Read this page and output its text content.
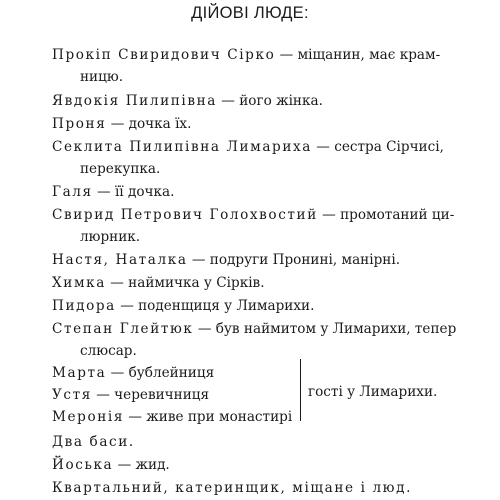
ДІЙОВІ ЛЮДЕ:
Прокіп Свиридович Сірко — міщанин, має крам-
ницю.
Явдокія Пилипівна — його жінка.
Проня — дочка їх.
Секлита Пилипівна Лимариха — сестра Сірчисі,
перекупка.
Галя — її дочка.
Свирид Петрович Голохвостий — промотаний ци-
люрник.
Настя, Наталка — подруги Пронині, манірні.
Химка — наймичка у Сірків.
Пидора — поденщиця у Лимарихи.
Степан Глейтюк — був наймитом у Лимарихи, тепер
слюсар.
Марта — бублейниця
Устя — черевичниця
Меронія — живе при монастирі
гості у Лимарихи.
Два баси.
Йоська — жид.
Квартальний, катеринщик, міщане і люд.
